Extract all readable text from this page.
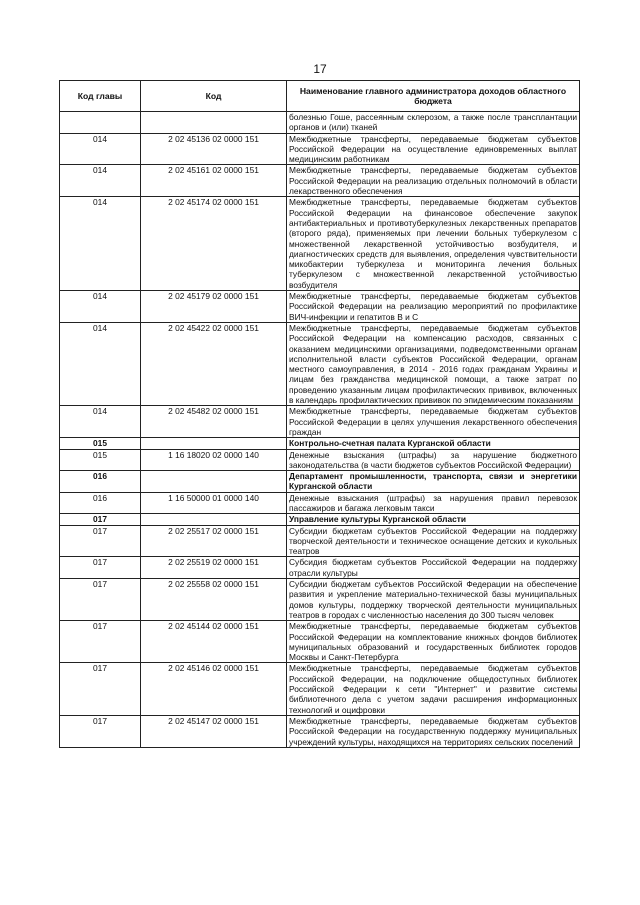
17
Код главы	Код	Наименование главного администратора доходов областного бюджета
		болезнью Гоше, рассеянным склерозом, а также после трансплантации органов и (или) тканей
014	2 02 45136 02 0000 151	Межбюджетные трансферты, передаваемые бюджетам субъектов Российской Федерации на осуществление единовременных выплат медицинским работникам
014	2 02 45161 02 0000 151	Межбюджетные трансферты, передаваемые бюджетам субъектов Российской Федерации на реализацию отдельных полномочий в области лекарственного обеспечения
014	2 02 45174 02 0000 151	Межбюджетные трансферты, передаваемые бюджетам субъектов Российской Федерации на финансовое обеспечение закупок антибактериальных и противотуберкулезных лекарственных препаратов (второго ряда), применяемых при лечении больных туберкулезом с множественной лекарственной устойчивостью возбудителя, и диагностических средств для выявления, определения чувствительности микобактерии туберкулеза и мониторинга лечения больных туберкулезом с множественной лекарственной устойчивостью возбудителя
014	2 02 45179 02 0000 151	Межбюджетные трансферты, передаваемые бюджетам субъектов Российской Федерации на реализацию мероприятий по профилактике ВИЧ-инфекции и гепатитов B и C
014	2 02 45422 02 0000 151	Межбюджетные трансферты, передаваемые бюджетам субъектов Российской Федерации на компенсацию расходов, связанных с оказанием медицинскими организациями, подведомственными органам исполнительной власти субъектов Российской Федерации, органам местного самоуправления, в 2014 - 2016 годах гражданам Украины и лицам без гражданства медицинской помощи, а также затрат по проведению указанным лицам профилактических прививок, включенных в календарь профилактических прививок по эпидемическим показаниям
014	2 02 45482 02 0000 151	Межбюджетные трансферты, передаваемые бюджетам субъектов Российской Федерации в целях улучшения лекарственного обеспечения граждан
015		Контрольно-счетная палата Курганской области
015	1 16 18020 02 0000 140	Денежные взыскания (штрафы) за нарушение бюджетного законодательства (в части бюджетов субъектов Российской Федерации)
016		Департамент промышленности, транспорта, связи и энергетики Курганской области
016	1 16 50000 01 0000 140	Денежные взыскания (штрафы) за нарушения правил перевозок пассажиров и багажа легковым такси
017		Управление культуры Курганской области
017	2 02 25517 02 0000 151	Субсидии бюджетам субъектов Российской Федерации на поддержку творческой деятельности и техническое оснащение детских и кукольных театров
017	2 02 25519 02 0000 151	Субсидия бюджетам субъектов Российской Федерации на поддержку отрасли культуры
017	2 02 25558 02 0000 151	Субсидии бюджетам субъектов Российской Федерации на обеспечение развития и укрепление материально-технической базы муниципальных домов культуры, поддержку творческой деятельности муниципальных театров в городах с численностью населения до 300 тысяч человек
017	2 02 45144 02 0000 151	Межбюджетные трансферты, передаваемые бюджетам субъектов Российской Федерации на комплектование книжных фондов библиотек муниципальных образований и государственных библиотек городов Москвы и Санкт-Петербурга
017	2 02 45146 02 0000 151	Межбюджетные трансферты, передаваемые бюджетам субъектов Российской Федерации, на подключение общедоступных библиотек Российской Федерации к сети "Интернет" и развитие системы библиотечного дела с учетом задачи расширения информационных технологий и оцифровки
017	2 02 45147 02 0000 151	Межбюджетные трансферты, передаваемые бюджетам субъектов Российской Федерации на государственную поддержку муниципальных учреждений культуры, находящихся на территориях сельских поселений
